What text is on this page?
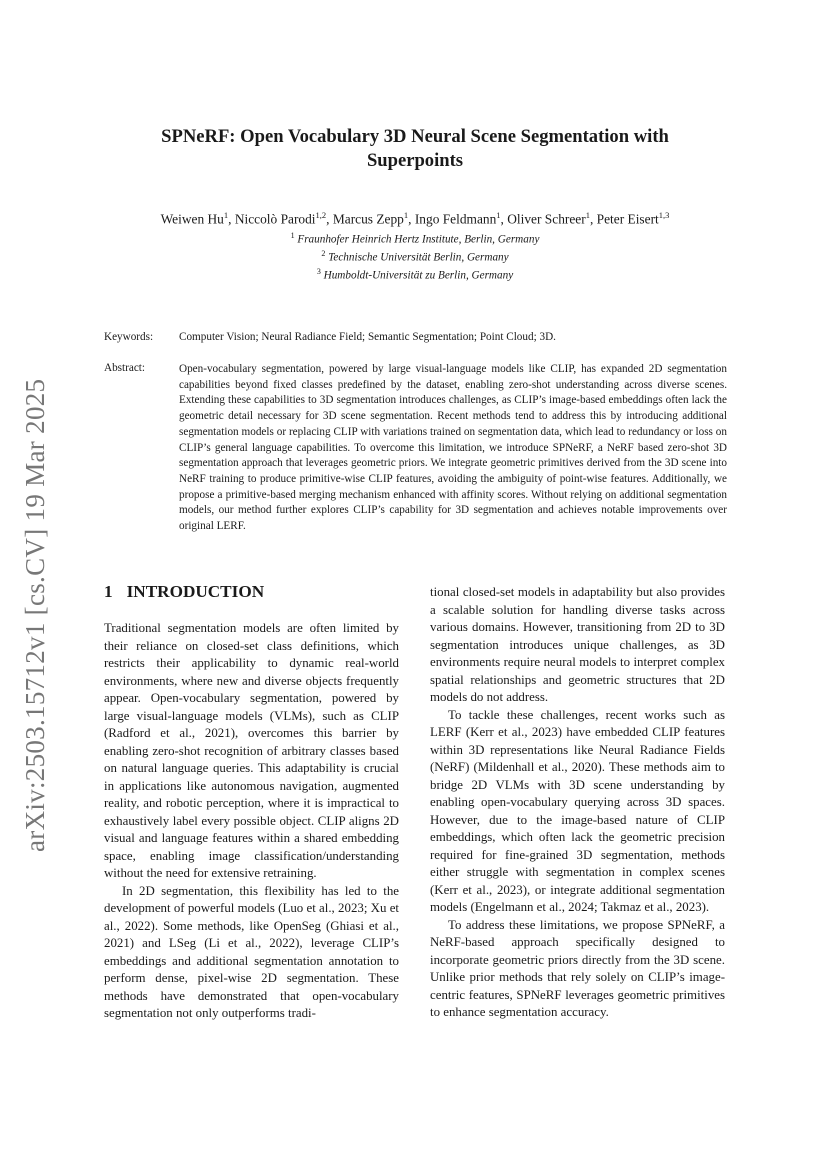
arXiv:2503.15712v1 [cs.CV] 19 Mar 2025
SPNeRF: Open Vocabulary 3D Neural Scene Segmentation with
Superpoints
Weiwen Hu$^1$, Niccolò Parodi$^{1,2}$, Marcus Zepp$^1$, Ingo Feldmann$^1$, Oliver Schreer$^1$, Peter Eisert$^{1,3}$
$^1$ Fraunhofer Heinrich Hertz Institute, Berlin, Germany
$^2$ Technische Universität Berlin, Germany
$^3$ Humboldt-Universität zu Berlin, Germany
Keywords: Computer Vision; Neural Radiance Field; Semantic Segmentation; Point Cloud; 3D.
Abstract:	Open-vocabulary segmentation, powered by large visual-language models like CLIP, has expanded 2D segmentation capabilities beyond fixed classes predefined by the dataset, enabling zero-shot understanding across diverse scenes. Extending these capabilities to 3D segmentation introduces challenges, as CLIP’s image-based embeddings often lack the geometric detail necessary for 3D scene segmentation. Recent methods tend to address this by introducing additional segmentation models or replacing CLIP with variations trained on segmentation data, which lead to redundancy or loss on CLIP’s general language capabilities. To overcome this limitation, we introduce SPNeRF, a NeRF based zero-shot 3D segmentation approach that leverages geometric priors. We integrate geometric primitives derived from the 3D scene into NeRF training to produce primitive-wise CLIP features, avoiding the ambiguity of point-wise features. Additionally, we propose a primitive-based merging mechanism enhanced with affinity scores. Without relying on additional segmentation models, our method further explores CLIP’s capability for 3D segmentation and achieves notable improvements over original LERF.
1 INTRODUCTION

Traditional segmentation models are often limited by their reliance on closed-set class definitions, which restricts their applicability to dynamic real-world environments, where new and diverse objects frequently appear. Open-vocabulary segmentation, powered by large visual-language models (VLMs), such as CLIP (Radford et al., 2021), overcomes this barrier by enabling zero-shot recognition of arbitrary classes based on natural language queries. This adaptability is crucial in applications like autonomous navigation, augmented reality, and robotic perception, where it is impractical to exhaustively label every possible object. CLIP aligns 2D visual and language features within a shared embedding space, enabling image classification/understanding without the need for extensive retraining.

In 2D segmentation, this flexibility has led to the development of powerful models (Luo et al., 2023; Xu et al., 2022). Some methods, like OpenSeg (Ghiasi et al., 2021) and LSeg (Li et al., 2022), leverage CLIP’s embeddings and additional segmentation annotation to perform dense, pixel-wise 2D segmentation. These methods have demonstrated that open-vocabulary segmentation not only outperforms tradi-

tional closed-set models in adaptability but also provides a scalable solution for handling diverse tasks across various domains. However, transitioning from 2D to 3D segmentation introduces unique challenges, as 3D environments require neural models to interpret complex spatial relationships and geometric structures that 2D models do not address.

To tackle these challenges, recent works such as LERF (Kerr et al., 2023) have embedded CLIP features within 3D representations like Neural Radiance Fields (NeRF) (Mildenhall et al., 2020). These methods aim to bridge 2D VLMs with 3D scene understanding by enabling open-vocabulary querying across 3D spaces. However, due to the image-based nature of CLIP embeddings, which often lack the geometric precision required for fine-grained 3D segmentation, methods either struggle with segmentation in complex scenes (Kerr et al., 2023), or integrate additional segmentation models (Engelmann et al., 2024; Takmaz et al., 2023).

To address these limitations, we propose SPNeRF, a NeRF-based approach specifically designed to incorporate geometric priors directly from the 3D scene. Unlike prior methods that rely solely on CLIP’s image-centric features, SPNeRF leverages geometric primitives to enhance segmentation accuracy.
